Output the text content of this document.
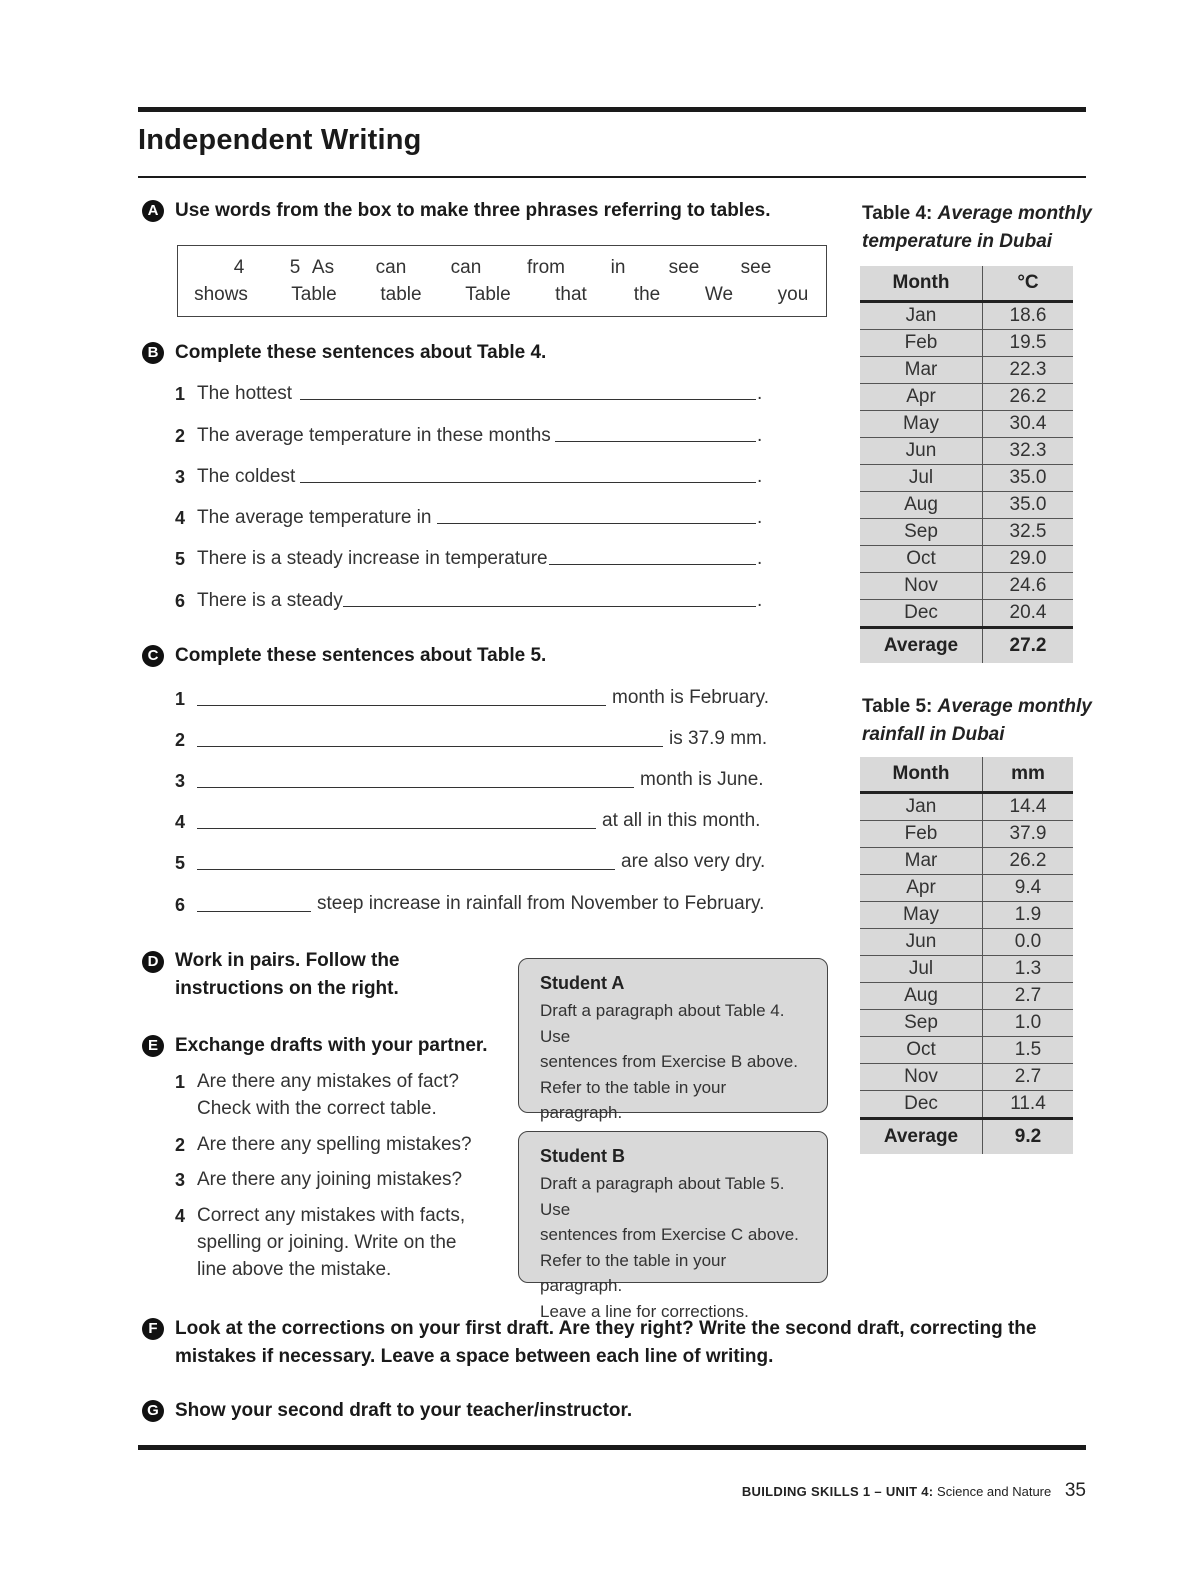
Independent Writing
A Use words from the box to make three phrases referring to tables.
4 5 As can can from in see see
shows Table table Table that the We you
B Complete these sentences about Table 4.
1 The hottest	.
2 The average temperature in these months	.
3 The coldest	.
4 The average temperature in	.
5 There is a steady increase in temperature	.
6 There is a steady	.
C Complete these sentences about Table 5.
1	month is February.
2	is 37.9 mm.
3	month is June.
4	at all in this month.
5	are also very dry.
6	steep increase in rainfall from November to February.
D Work in pairs. Follow the
instructions on the right.
E Exchange drafts with your partner.
1 Are there any mistakes of fact?
Check with the correct table.
2 Are there any spelling mistakes?
3 Are there any joining mistakes?
4 Correct any mistakes with facts,
spelling or joining. Write on the
line above the mistake.
Student A
Draft a paragraph about Table 4. Use
sentences from Exercise B above.
Refer to the table in your paragraph.
Student B
Draft a paragraph about Table 5. Use
sentences from Exercise C above.
Refer to the table in your paragraph.
Leave a line for corrections.
Table 4: Average monthly
temperature in Dubai
Month	°C
Jan	18.6
Feb	19.5
Mar	22.3
Apr	26.2
May	30.4
Jun	32.3
Jul	35.0
Aug	35.0
Sep	32.5
Oct	29.0
Nov	24.6
Dec	20.4
Average	27.2
Table 5: Average monthly
rainfall in Dubai
Month	mm
Jan	14.4
Feb	37.9
Mar	26.2
Apr	9.4
May	1.9
Jun	0.0
Jul	1.3
Aug	2.7
Sep	1.0
Oct	1.5
Nov	2.7
Dec	11.4
Average	9.2
F Look at the corrections on your first draft. Are they right? Write the second draft, correcting the
mistakes if necessary. Leave a space between each line of writing.
G Show your second draft to your teacher/instructor.
BUILDING SKILLS 1 – UNIT 4: Science and Nature 35
